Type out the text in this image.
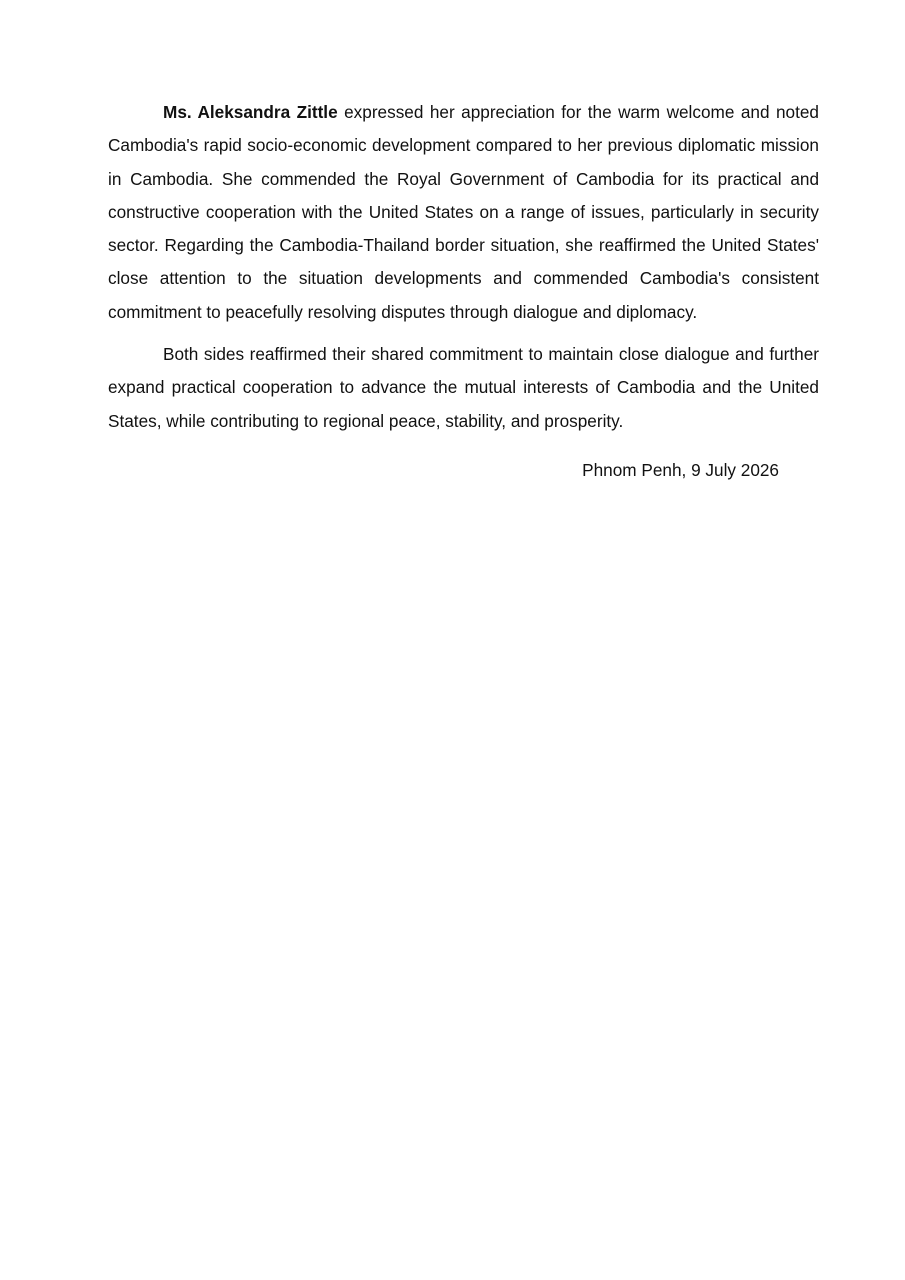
Ms. Aleksandra Zittle expressed her appreciation for the warm welcome and noted Cambodia's rapid socio-economic development compared to her previous diplomatic mission in Cambodia. She commended the Royal Government of Cambodia for its practical and constructive cooperation with the United States on a range of issues, particularly in security sector. Regarding the Cambodia-Thailand border situation, she reaffirmed the United States' close attention to the situation developments and commended Cambodia's consistent commitment to peacefully resolving disputes through dialogue and diplomacy.

Both sides reaffirmed their shared commitment to maintain close dialogue and further expand practical cooperation to advance the mutual interests of Cambodia and the United States, while contributing to regional peace, stability, and prosperity.

Phnom Penh, 9 July 2026
